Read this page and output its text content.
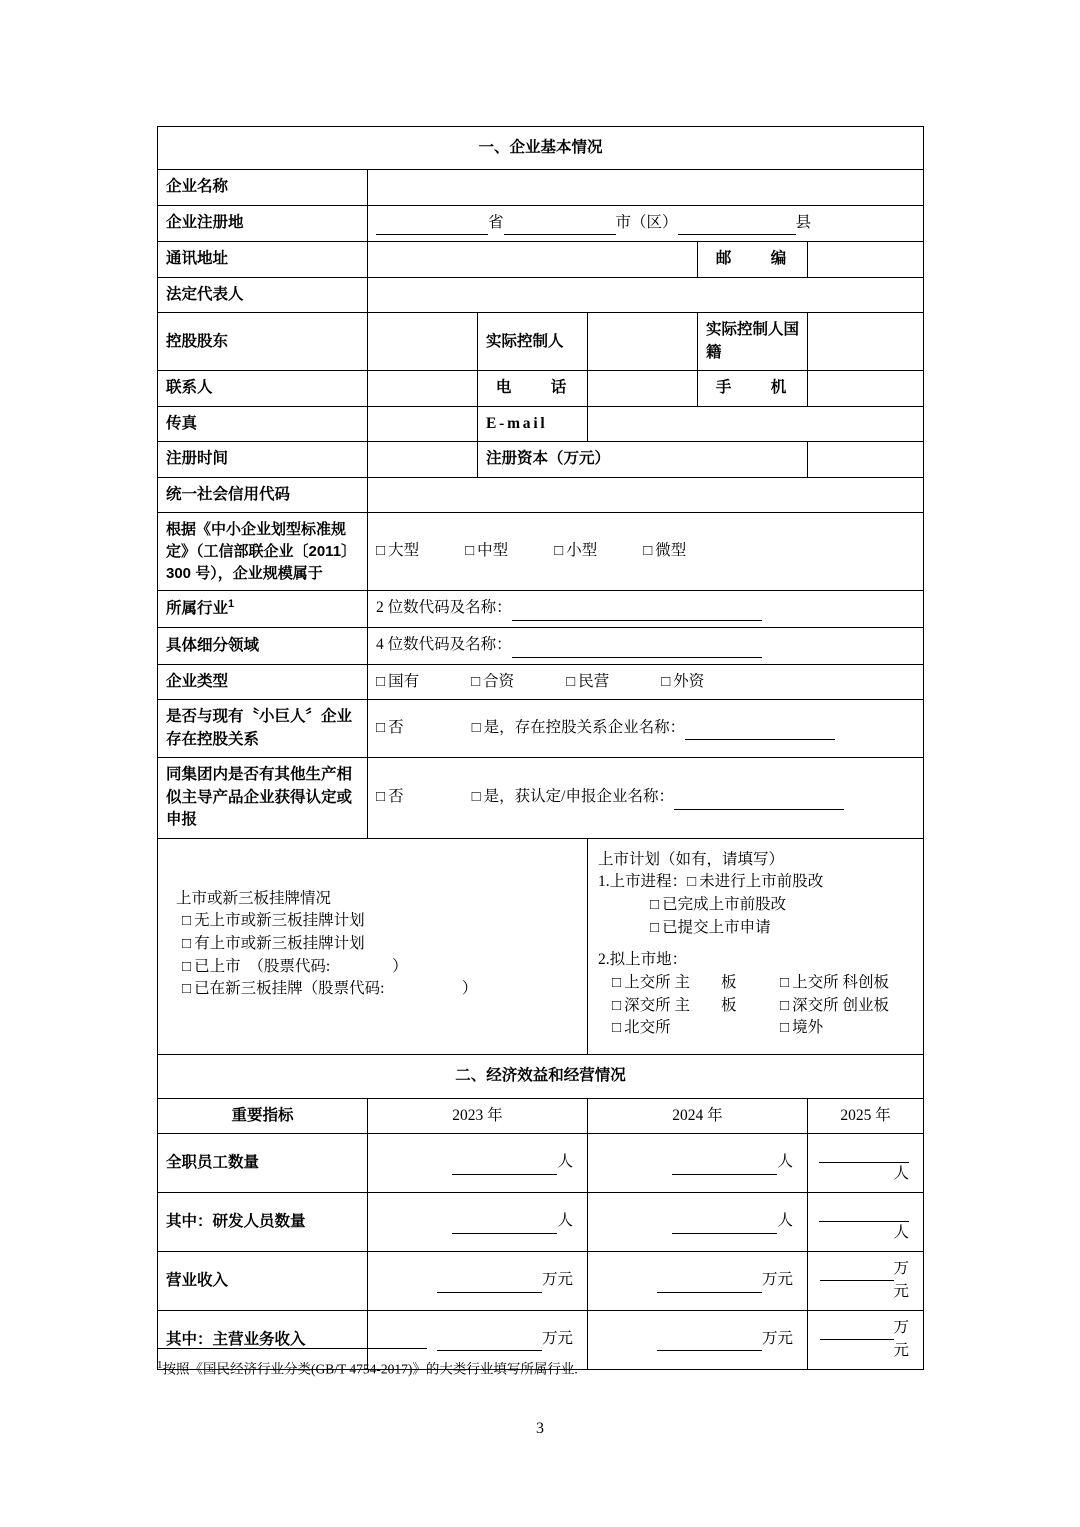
一、企业基本情况					
企业名称					
企业注册地	省 市（区） 县				
通讯地址				邮　　编	
法定代表人					
控股股东		实际控制人		实际控制人国籍	
联系人		电　　话		手　　机	
传真		E-mail			
注册时间		注册资本（万元）			
统一社会信用代码					
根据《中小企业划型标准规定》（工信部联企业〔2011〕300 号），企业规模属于	□ 大型 □ 中型 □ 小型 □ 微型
所属行业$^1$	2 位数代码及名称：				
具体细分领域	4 位数代码及名称：				
企业类型	□ 国有 □ 合资 □ 民营 □ 外资
是否与现有〝小巨人〞企业存在控股关系	□ 否 □ 是，存在控股关系企业名称：
同集团内是否有其他生产相似主导产品企业获得认定或申报	□ 否 □ 是，获认定/申报企业名称：

上市或新三板挂牌情况
□ 无上市或新三板挂牌计划
□ 有上市或新三板挂牌计划
□ 已上市　（股票代码:　　　　）
□ 已在新三板挂牌（股票代码:　　　　　）

上市计划（如有，请填写）
1.上市进程： □ 未进行上市前股改
□ 已完成上市前股改
□ 已提交上市申请
2.拟上市地：
□ 上交所 主　　板	□ 上交所 科创板
□ 深交所 主　　板	□ 深交所 创业板
□ 北交所	□ 境外　　　　

二、经济效益和经营情况					
重要指标	2023 年		2024 年		2025 年
全职员工数量	人		人		人
其中：研发人员数量	人		人		人
营业收入	万元		万元		万元
其中：主营业务收入	万元		万元		万元
$^1$按照《国民经济行业分类(GB/T 4754-2017)》的大类行业填写所属行业.
3
